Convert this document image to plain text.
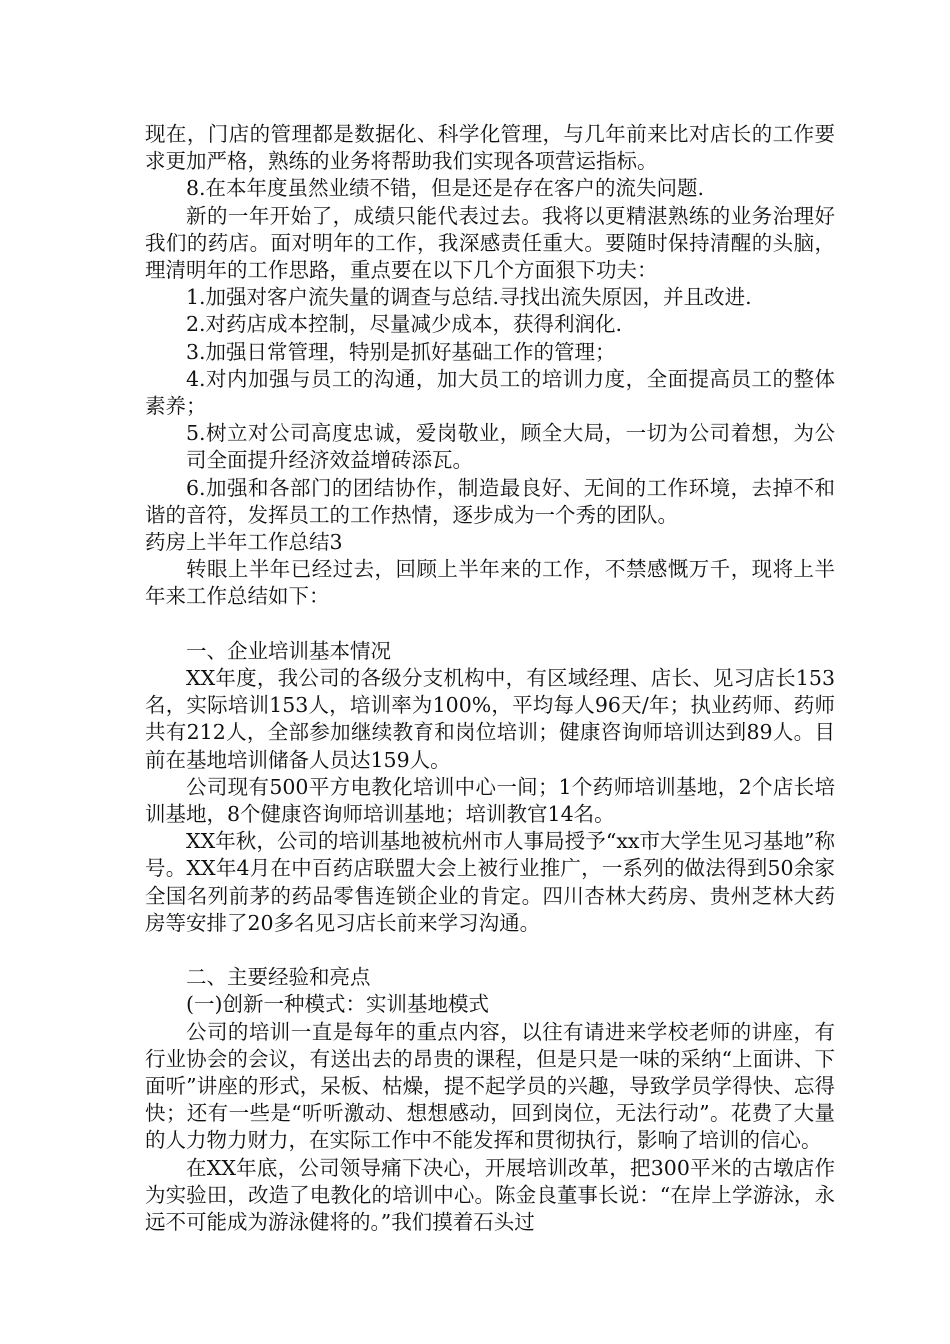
现在，门店的管理都是数据化、科学化管理，与几年前来比对店长的工作要求更加严格，熟练的业务将帮助我们实现各项营运指标。

8.在本年度虽然业绩不错，但是还是存在客户的流失问题.

新的一年开始了，成绩只能代表过去。我将以更精湛熟练的业务治理好我们的药店。面对明年的工作，我深感责任重大。要随时保持清醒的头脑，理清明年的工作思路，重点要在以下几个方面狠下功夫：

1.加强对客户流失量的调查与总结.寻找出流失原因，并且改进.

2.对药店成本控制，尽量减少成本，获得利润化.

3.加强日常管理，特别是抓好基础工作的管理；

4.对内加强与员工的沟通，加大员工的培训力度，全面提高员工的整体素养；

5.树立对公司高度忠诚，爱岗敬业，顾全大局，一切为公司着想，为公司全面提升经济效益增砖添瓦。

6.加强和各部门的团结协作，制造最良好、无间的工作环境，去掉不和谐的音符，发挥员工的工作热情，逐步成为一个秀的团队。

药房上半年工作总结3

转眼上半年已经过去，回顾上半年来的工作，不禁感慨万千，现将上半年来工作总结如下：

一、企业培训基本情况

XX年度，我公司的各级分支机构中，有区域经理、店长、见习店长153名，实际培训153人，培训率为100%，平均每人96天/年；执业药师、药师共有212人，全部参加继续教育和岗位培训；健康咨询师培训达到89人。目前在基地培训储备人员达159人。

公司现有500平方电教化培训中心一间；1个药师培训基地，2个店长培训基地，8个健康咨询师培训基地；培训教官14名。

XX年秋，公司的培训基地被杭州市人事局授予“xx市大学生见习基地”称号。XX年4月在中百药店联盟大会上被行业推广，一系列的做法得到50余家全国名列前茅的药品零售连锁企业的肯定。四川杏林大药房、贵州芝林大药房等安排了20多名见习店长前来学习沟通。

二、主要经验和亮点

(一)创新一种模式：实训基地模式

公司的培训一直是每年的重点内容，以往有请进来学校老师的讲座，有行业协会的会议，有送出去的昂贵的课程，但是只是一味的采纳“上面讲、下面听”讲座的形式，呆板、枯燥，提不起学员的兴趣，导致学员学得快、忘得快；还有一些是“听听激动、想想感动，回到岗位，无法行动”。花费了大量的人力物力财力，在实际工作中不能发挥和贯彻执行，影响了培训的信心。

在XX年底，公司领导痛下决心，开展培训改革，把300平米的古墩店作为实验田，改造了电教化的培训中心。陈金良董事长说：“在岸上学游泳，永远不可能成为游泳健将的。”我们摸着石头过
